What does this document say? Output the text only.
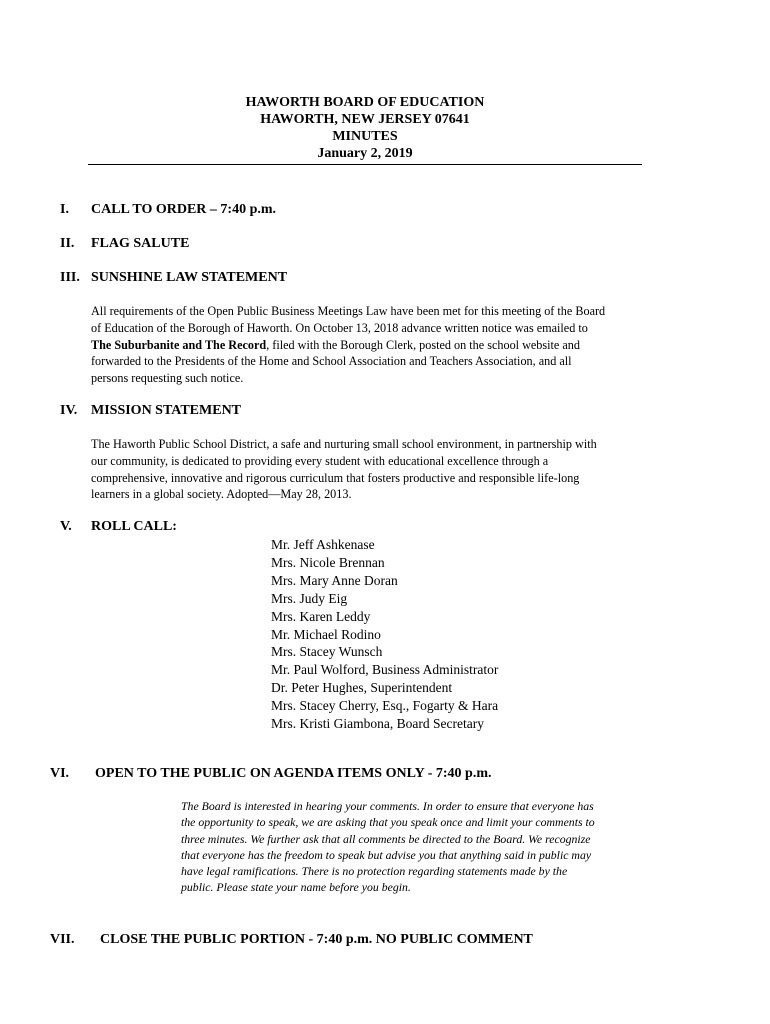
HAWORTH BOARD OF EDUCATION
HAWORTH, NEW JERSEY 07641
MINUTES
January 2, 2019
I. CALL TO ORDER – 7:40 p.m.
II. FLAG SALUTE
III. SUNSHINE LAW STATEMENT
All requirements of the Open Public Business Meetings Law have been met for this meeting of the Board
of Education of the Borough of Haworth. On October 13, 2018 advance written notice was emailed to
The Suburbanite and The Record, filed with the Borough Clerk, posted on the school website and
forwarded to the Presidents of the Home and School Association and Teachers Association, and all
persons requesting such notice.
IV. MISSION STATEMENT
The Haworth Public School District, a safe and nurturing small school environment, in partnership with
our community, is dedicated to providing every student with educational excellence through a
comprehensive, innovative and rigorous curriculum that fosters productive and responsible life-long
learners in a global society. Adopted—May 28, 2013.
V. ROLL CALL:
Mr. Jeff Ashkenase
Mrs. Nicole Brennan
Mrs. Mary Anne Doran
Mrs. Judy Eig
Mrs. Karen Leddy
Mr. Michael Rodino
Mrs. Stacey Wunsch
Mr. Paul Wolford, Business Administrator
Dr. Peter Hughes, Superintendent
Mrs. Stacey Cherry, Esq., Fogarty & Hara
Mrs. Kristi Giambona, Board Secretary
VI. OPEN TO THE PUBLIC ON AGENDA ITEMS ONLY - 7:40 p.m.
The Board is interested in hearing your comments. In order to ensure that everyone has
the opportunity to speak, we are asking that you speak once and limit your comments to
three minutes. We further ask that all comments be directed to the Board. We recognize
that everyone has the freedom to speak but advise you that anything said in public may
have legal ramifications. There is no protection regarding statements made by the
public. Please state your name before you begin.
VII. CLOSE THE PUBLIC PORTION - 7:40 p.m. NO PUBLIC COMMENT
